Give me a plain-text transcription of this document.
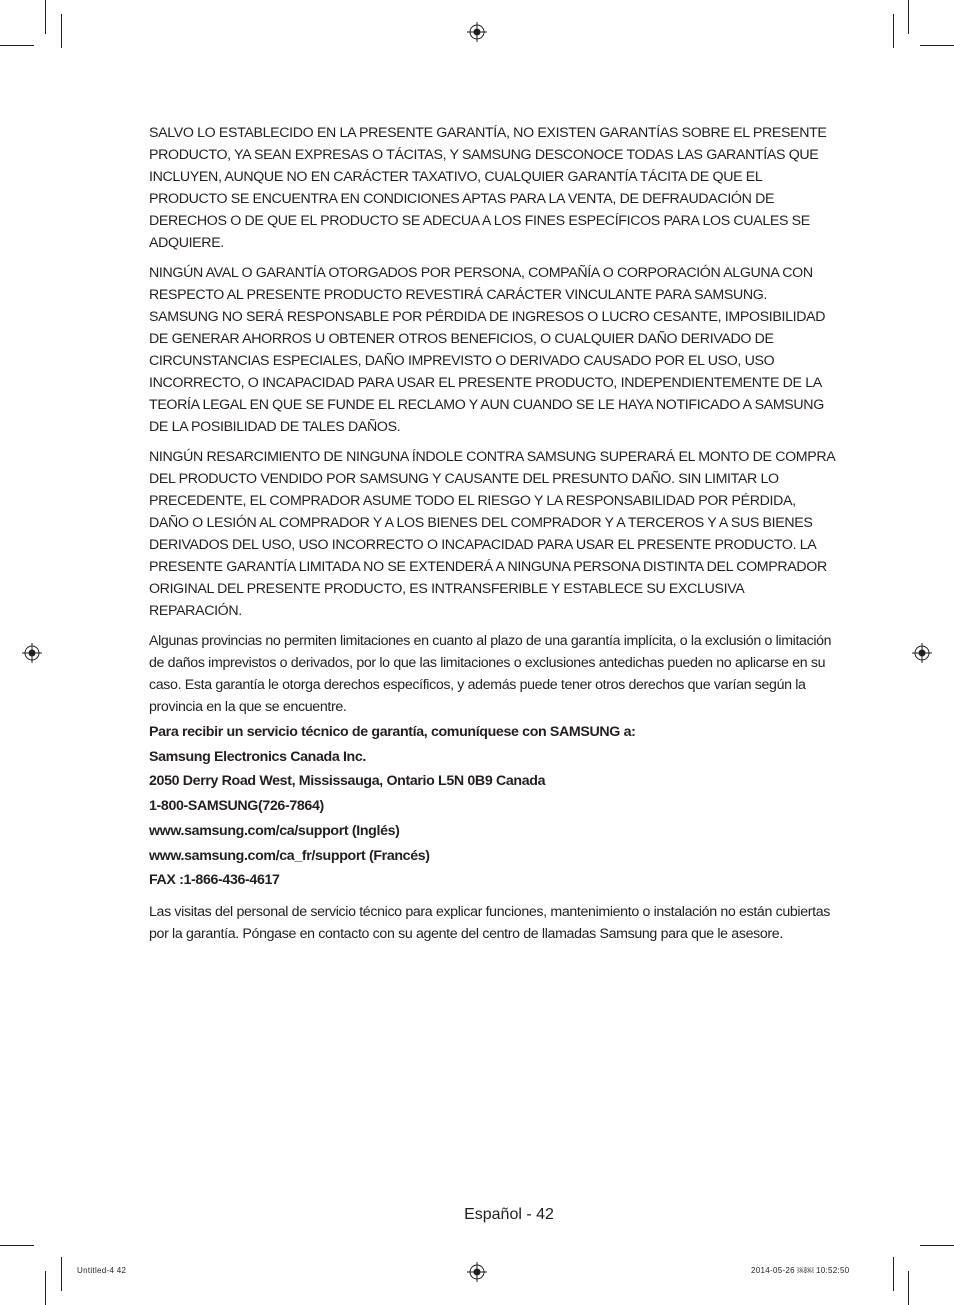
SALVO LO ESTABLECIDO EN LA PRESENTE GARANTÍA, NO EXISTEN GARANTÍAS SOBRE EL PRESENTE PRODUCTO, YA SEAN EXPRESAS O TÁCITAS, Y SAMSUNG DESCONOCE TODAS LAS GARANTÍAS QUE INCLUYEN, AUNQUE NO EN CARÁCTER TAXATIVO, CUALQUIER GARANTÍA TÁCITA DE QUE EL PRODUCTO SE ENCUENTRA EN CONDICIONES APTAS PARA LA VENTA, DE DEFRAUDACIÓN DE DERECHOS O DE QUE EL PRODUCTO SE ADECUA A LOS FINES ESPECÍFICOS PARA LOS CUALES SE ADQUIERE.

NINGÚN AVAL O GARANTÍA OTORGADOS POR PERSONA, COMPAÑÍA O CORPORACIÓN ALGUNA CON RESPECTO AL PRESENTE PRODUCTO REVESTIRÁ CARÁCTER VINCULANTE PARA SAMSUNG. SAMSUNG NO SERÁ RESPONSABLE POR PÉRDIDA DE INGRESOS O LUCRO CESANTE, IMPOSIBILIDAD DE GENERAR AHORROS U OBTENER OTROS BENEFICIOS, O CUALQUIER DAÑO DERIVADO DE CIRCUNSTANCIAS ESPECIALES, DAÑO IMPREVISTO O DERIVADO CAUSADO POR EL USO, USO INCORRECTO, O INCAPACIDAD PARA USAR EL PRESENTE PRODUCTO, INDEPENDIENTEMENTE DE LA TEORÍA LEGAL EN QUE SE FUNDE EL RECLAMO Y AUN CUANDO SE LE HAYA NOTIFICADO A SAMSUNG DE LA POSIBILIDAD DE TALES DAÑOS.

NINGÚN RESARCIMIENTO DE NINGUNA ÍNDOLE CONTRA SAMSUNG SUPERARÁ EL MONTO DE COMPRA DEL PRODUCTO VENDIDO POR SAMSUNG Y CAUSANTE DEL PRESUNTO DAÑO. SIN LIMITAR LO PRECEDENTE, EL COMPRADOR ASUME TODO EL RIESGO Y LA RESPONSABILIDAD POR PÉRDIDA, DAÑO O LESIÓN AL COMPRADOR Y A LOS BIENES DEL COMPRADOR Y A TERCEROS Y A SUS BIENES DERIVADOS DEL USO, USO INCORRECTO O INCAPACIDAD PARA USAR EL PRESENTE PRODUCTO. LA PRESENTE GARANTÍA LIMITADA NO SE EXTENDERÁ A NINGUNA PERSONA DISTINTA DEL COMPRADOR ORIGINAL DEL PRESENTE PRODUCTO, ES INTRANSFERIBLE Y ESTABLECE SU EXCLUSIVA REPARACIÓN.

Algunas provincias no permiten limitaciones en cuanto al plazo de una garantía implícita, o la exclusión o limitación de daños imprevistos o derivados, por lo que las limitaciones o exclusiones antedichas pueden no aplicarse en su caso. Esta garantía le otorga derechos específicos, y además puede tener otros derechos que varían según la provincia en la que se encuentre.

Para recibir un servicio técnico de garantía, comuníquese con SAMSUNG a:

Samsung Electronics Canada Inc.

2050 Derry Road West, Mississauga, Ontario L5N 0B9 Canada

1-800-SAMSUNG(726-7864)

www.samsung.com/ca/support (Inglés)

www.samsung.com/ca_fr/support (Francés)

FAX :1-866-436-4617

Las visitas del personal de servicio técnico para explicar funciones, mantenimiento o instalación no están cubiertas por la garantía. Póngase en contacto con su agente del centro de llamadas Samsung para que le asesore.

Español - 42
Untitled-4 42	2014-05-26 ￼￼ 10:52:50
